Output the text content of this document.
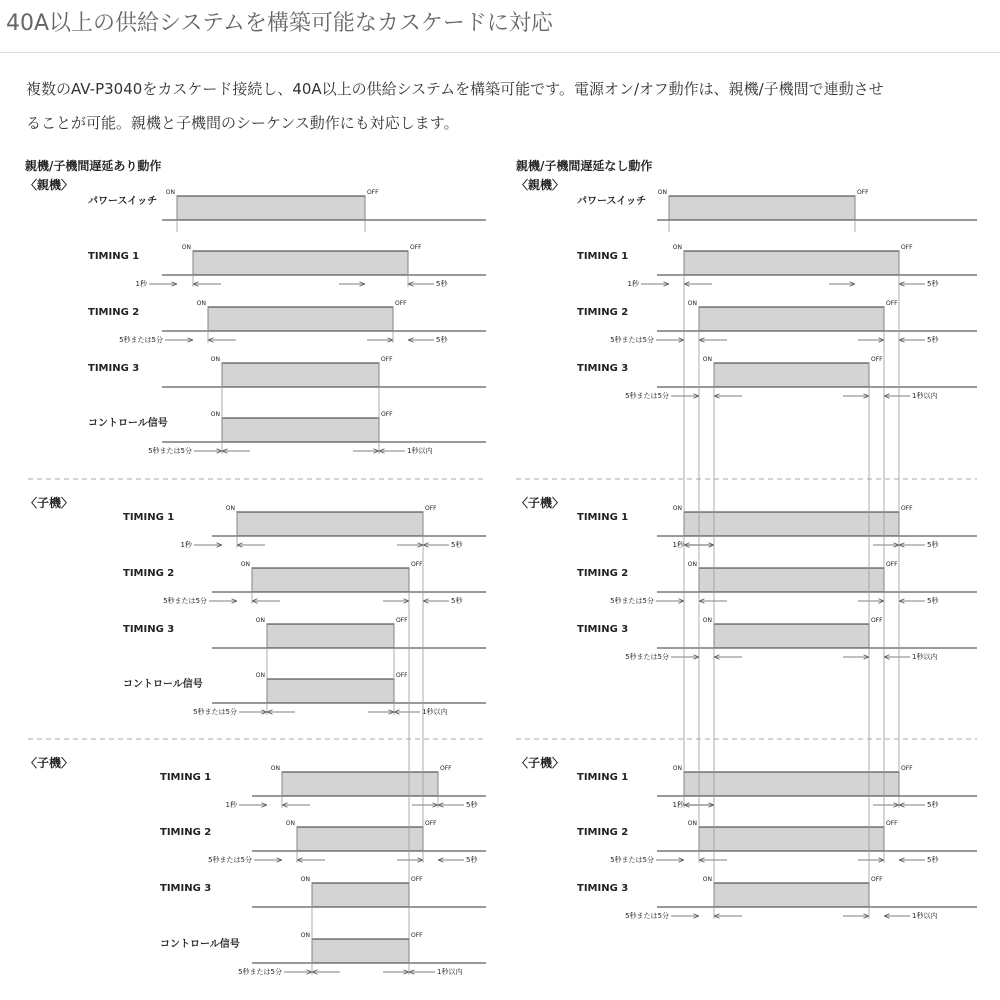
40A以上の供給システムを構築可能なカスケードに対応
複数のAV-P3040をカスケード接続し、40A以上の供給システムを構築可能です。電源オン/オフ動作は、親機/子機間で連動させ
ることが可能。親機と子機間のシーケンス動作にも対応します。
親機/子機間遅延あり動作
〈親機〉
パワースイッチ
ON	OFF
TIMING 1
ON	OFF
1秒	5秒
TIMING 2
ON	OFF
5秒または5分	5秒
TIMING 3
ON	OFF
コントロール信号
ON	OFF
5秒または5分	1秒以内
〈子機〉
TIMING 1
ON	OFF
1秒	5秒
TIMING 2
ON	OFF
5秒または5分	5秒
TIMING 3
ON	OFF
コントロール信号
ON	OFF
5秒または5分	1秒以内
〈子機〉
TIMING 1
ON	OFF
1秒	5秒
TIMING 2
ON	OFF
5秒または5分	5秒
TIMING 3
ON	OFF
コントロール信号
ON	OFF
5秒または5分	1秒以内
親機/子機間遅延なし動作
〈親機〉
パワースイッチ
ON	OFF
TIMING 1
ON	OFF
1秒	5秒
TIMING 2
ON	OFF
5秒または5分	5秒
TIMING 3
ON	OFF
5秒または5分	1秒以内
〈子機〉
TIMING 1
ON	OFF
1秒	5秒
TIMING 2
ON	OFF
5秒または5分	5秒
TIMING 3
ON	OFF
5秒または5分	1秒以内
〈子機〉
TIMING 1
ON	OFF
1秒	5秒
TIMING 2
ON	OFF
5秒または5分	5秒
TIMING 3
ON	OFF
5秒または5分	1秒以内
